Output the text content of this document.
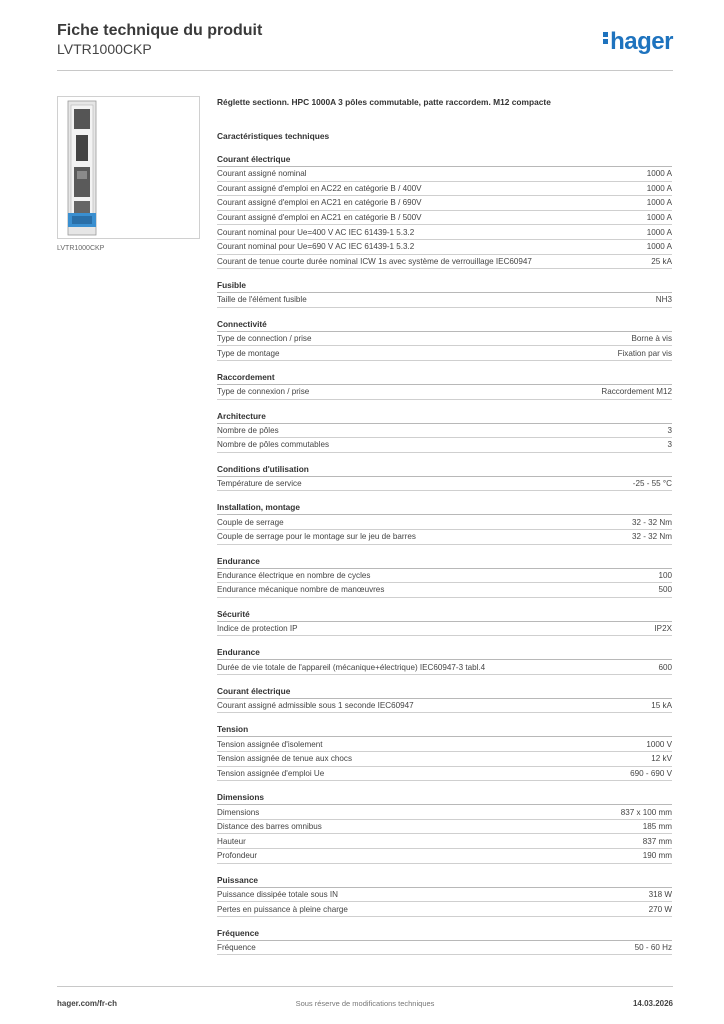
Fiche technique du produit
LVTR1000CKP	hager
LVTR1000CKP
Réglette sectionn. HPC 1000A 3 pôles commutable, patte raccordem. M12 compacte
Caractéristiques techniques
Courant électrique
Courant assigné nominal	1000 A
Courant assigné d'emploi en AC22 en catégorie B / 400V	1000 A
Courant assigné d'emploi en AC21 en catégorie B / 690V	1000 A
Courant assigné d'emploi en AC21 en catégorie B / 500V	1000 A
Courant nominal pour Ue=400 V AC IEC 61439-1 5.3.2	1000 A
Courant nominal pour Ue=690 V AC IEC 61439-1 5.3.2	1000 A
Courant de tenue courte durée nominal ICW 1s avec système de verrouillage IEC60947	25 kA
Fusible
Taille de l'élément fusible	NH3
Connectivité
Type de connection / prise	Borne à vis
Type de montage	Fixation par vis
Raccordement
Type de connexion / prise	Raccordement M12
Architecture
Nombre de pôles	3
Nombre de pôles commutables	3
Conditions d'utilisation
Température de service	-25 - 55 °C
Installation, montage
Couple de serrage	32 - 32 Nm
Couple de serrage pour le montage sur le jeu de barres	32 - 32 Nm
Endurance
Endurance électrique en nombre de cycles	100
Endurance mécanique nombre de manœuvres	500
Sécurité
Indice de protection IP	IP2X
Endurance
Durée de vie totale de l'appareil (mécanique+électrique) IEC60947-3 tabl.4	600
Courant électrique
Courant assigné admissible sous 1 seconde IEC60947	15 kA
Tension
Tension assignée d'isolement	1000 V
Tension assignée de tenue aux chocs	12 kV
Tension assignée d'emploi Ue	690 - 690 V
Dimensions
Dimensions	837 x 100 mm
Distance des barres omnibus	185 mm
Hauteur	837 mm
Profondeur	190 mm
Puissance
Puissance dissipée totale sous IN	318 W
Pertes en puissance à pleine charge	270 W
Fréquence
Fréquence	50 - 60 Hz
hager.com/fr-ch	Sous réserve de modifications techniques	14.03.2026
